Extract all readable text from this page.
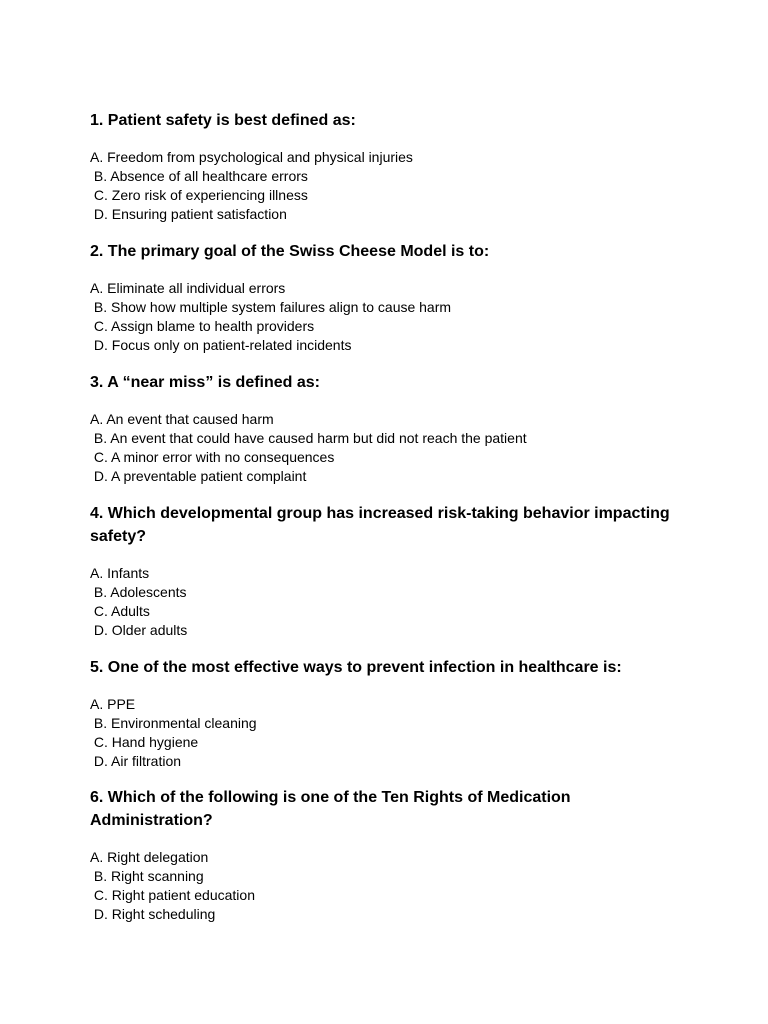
1. Patient safety is best defined as:
A. Freedom from psychological and physical injuries
B. Absence of all healthcare errors
C. Zero risk of experiencing illness
D. Ensuring patient satisfaction
2. The primary goal of the Swiss Cheese Model is to:
A. Eliminate all individual errors
B. Show how multiple system failures align to cause harm
C. Assign blame to health providers
D. Focus only on patient-related incidents
3. A “near miss” is defined as:
A. An event that caused harm
B. An event that could have caused harm but did not reach the patient
C. A minor error with no consequences
D. A preventable patient complaint
4. Which developmental group has increased risk-taking behavior impacting safety?
A. Infants
B. Adolescents
C. Adults
D. Older adults
5. One of the most effective ways to prevent infection in healthcare is:
A. PPE
B. Environmental cleaning
C. Hand hygiene
D. Air filtration
6. Which of the following is one of the Ten Rights of Medication Administration?
A. Right delegation
B. Right scanning
C. Right patient education
D. Right scheduling
